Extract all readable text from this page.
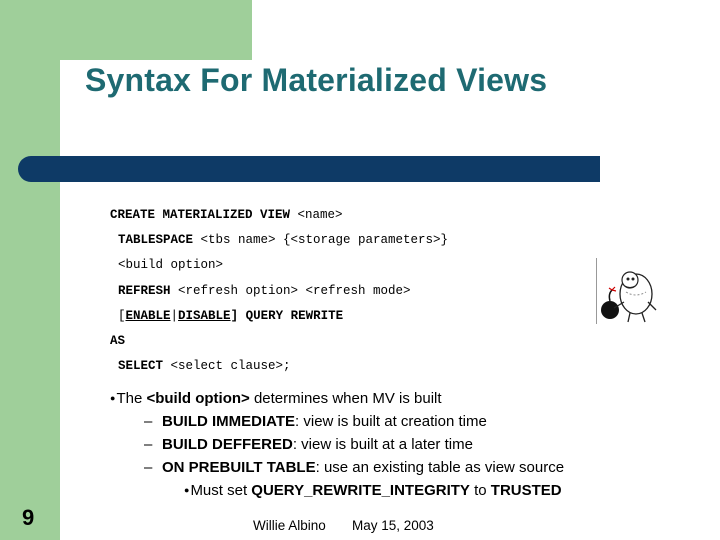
Syntax For Materialized Views
CREATE MATERIALIZED VIEW <name>
TABLESPACE <tbs name> {<storage parameters>}
<build option>
REFRESH <refresh option> <refresh mode>
[ENABLE|DISABLE] QUERY REWRITE
AS
SELECT <select clause>;
●The <build option> determines when MV is built
– BUILD IMMEDIATE: view is built at creation time
– BUILD DEFFERED: view is built at a later time
– ON PREBUILT TABLE: use an existing table as view source
●Must set QUERY_REWRITE_INTEGRITY to TRUSTED
9	Willie Albino May 15, 2003
